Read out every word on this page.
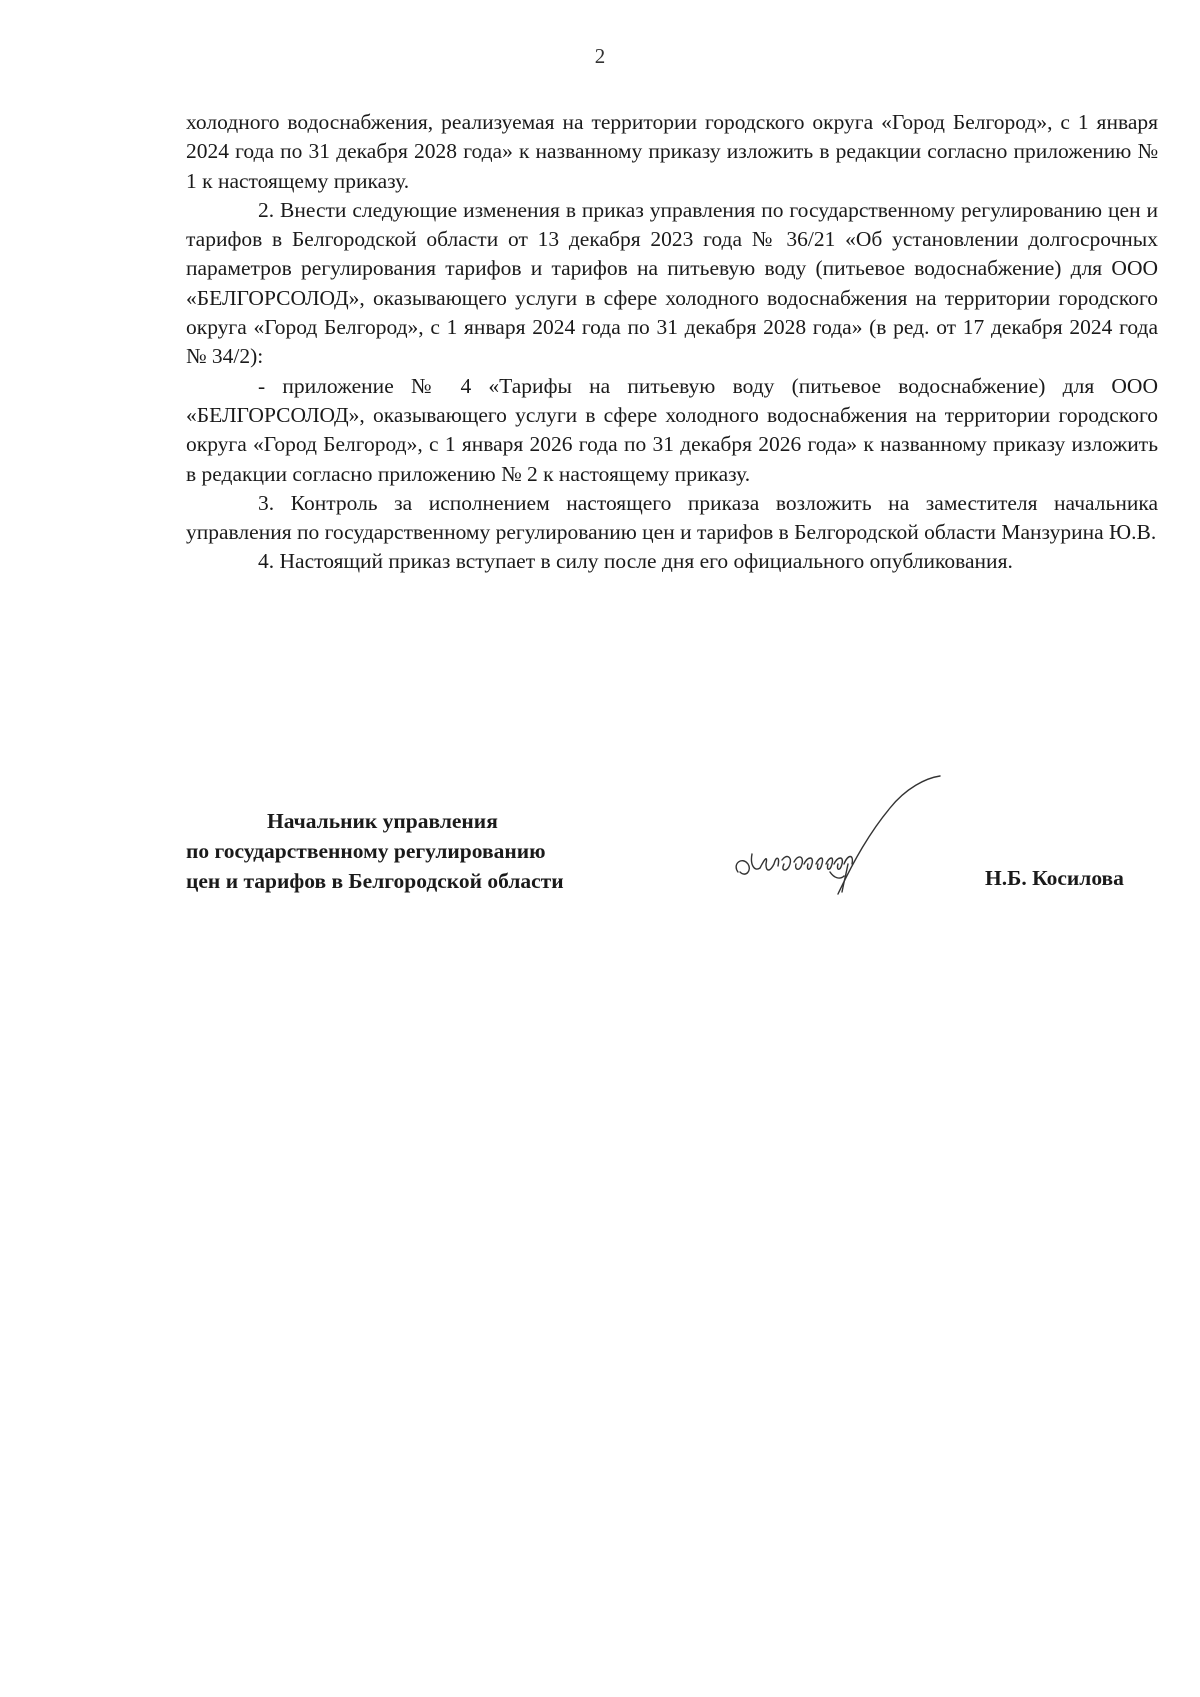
2

холодного водоснабжения, реализуемая на территории городского округа «Город Белгород», с 1 января 2024 года по 31 декабря 2028 года» к названному приказу изложить в редакции согласно приложению № 1 к настоящему приказу.

2. Внести следующие изменения в приказ управления по государственному регулированию цен и тарифов в Белгородской области от 13 декабря 2023 года № 36/21 «Об установлении долгосрочных параметров регулирования тарифов и тарифов на питьевую воду (питьевое водоснабжение) для ООО «БЕЛГОРСОЛОД», оказывающего услуги в сфере холодного водоснабжения на территории городского округа «Город Белгород», с 1 января 2024 года по 31 декабря 2028 года» (в ред. от 17 декабря 2024 года № 34/2):

- приложение № 4 «Тарифы на питьевую воду (питьевое водоснабжение) для ООО «БЕЛГОРСОЛОД», оказывающего услуги в сфере холодного водоснабжения на территории городского округа «Город Белгород», с 1 января 2026 года по 31 декабря 2026 года» к названному приказу изложить в редакции согласно приложению № 2 к настоящему приказу.

3. Контроль за исполнением настоящего приказа возложить на заместителя начальника управления по государственному регулированию цен и тарифов в Белгородской области Манзурина Ю.В.

4. Настоящий приказ вступает в силу после дня его официального опубликования.

Начальник управления

по государственному регулированию

цен и тарифов в Белгородской области	Н.Б. Косилова
